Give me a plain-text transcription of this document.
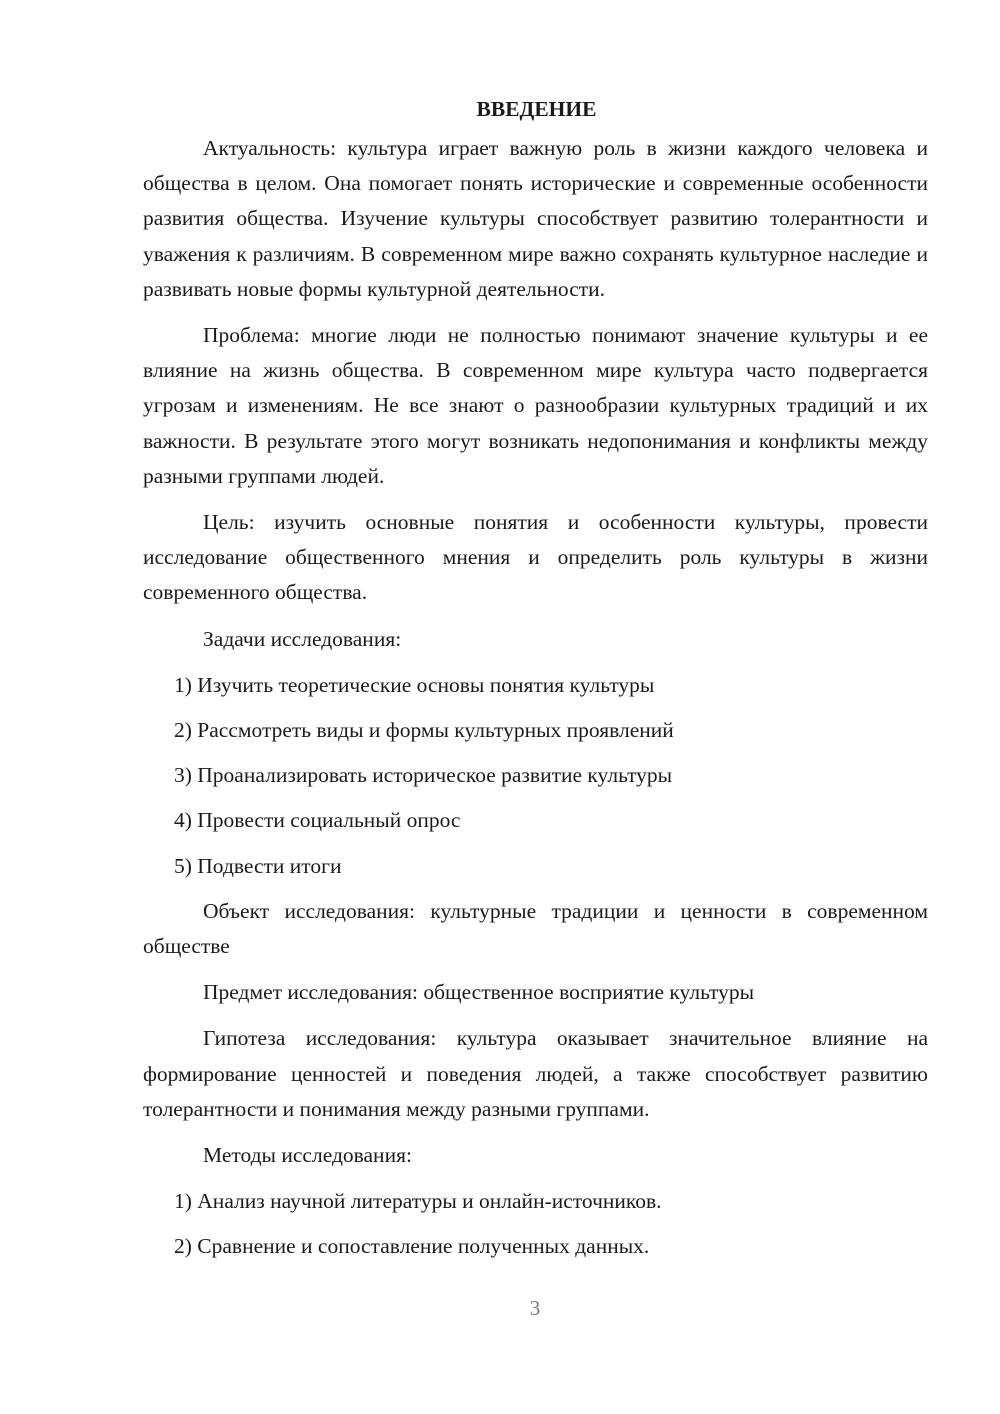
ВВЕДЕНИЕ

Актуальность: культура играет важную роль в жизни каждого человека и общества в целом. Она помогает понять исторические и современные особенности развития общества. Изучение культуры способствует развитию толерантности и уважения к различиям. В современном мире важно сохранять культурное наследие и развивать новые формы культурной деятельности.

Проблема: многие люди не полностью понимают значение культуры и ее влияние на жизнь общества. В современном мире культура часто подвергается угрозам и изменениям. Не все знают о разнообразии культурных традиций и их важности. В результате этого могут возникать недопонимания и конфликты между разными группами людей.

Цель: изучить основные понятия и особенности культуры, провести исследование общественного мнения и определить роль культуры в жизни современного общества.

Задачи исследования:

1) Изучить теоретические основы понятия культуры
2) Рассмотреть виды и формы культурных проявлений
3) Проанализировать историческое развитие культуры
4) Провести социальный опрос
5) Подвести итоги

Объект исследования: культурные традиции и ценности в современном обществе

Предмет исследования: общественное восприятие культуры

Гипотеза исследования: культура оказывает значительное влияние на формирование ценностей и поведения людей, а также способствует развитию толерантности и понимания между разными группами.

Методы исследования:

1) Анализ научной литературы и онлайн-источников.
2) Сравнение и сопоставление полученных данных.
3
